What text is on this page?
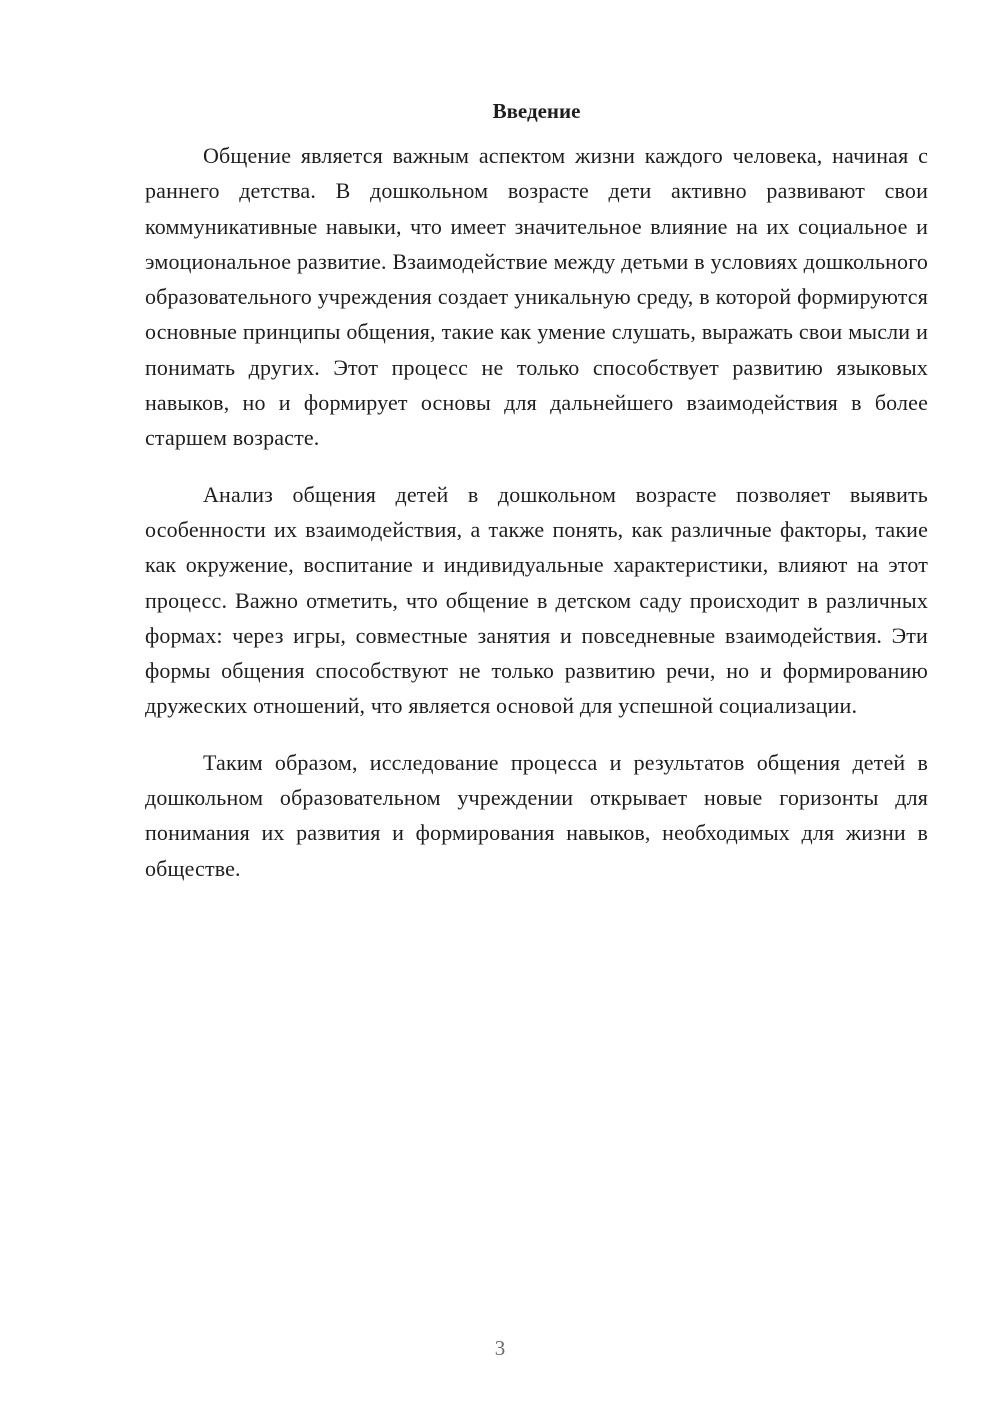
Введение

Общение является важным аспектом жизни каждого человека, начиная с раннего детства. В дошкольном возрасте дети активно развивают свои коммуникативные навыки, что имеет значительное влияние на их социальное и эмоциональное развитие. Взаимодействие между детьми в условиях дошкольного образовательного учреждения создает уникальную среду, в которой формируются основные принципы общения, такие как умение слушать, выражать свои мысли и понимать других. Этот процесс не только способствует развитию языковых навыков, но и формирует основы для дальнейшего взаимодействия в более старшем возрасте.

Анализ общения детей в дошкольном возрасте позволяет выявить особенности их взаимодействия, а также понять, как различные факторы, такие как окружение, воспитание и индивидуальные характеристики, влияют на этот процесс. Важно отметить, что общение в детском саду происходит в различных формах: через игры, совместные занятия и повседневные взаимодействия. Эти формы общения способствуют не только развитию речи, но и формированию дружеских отношений, что является основой для успешной социализации.

Таким образом, исследование процесса и результатов общения детей в дошкольном образовательном учреждении открывает новые горизонты для понимания их развития и формирования навыков, необходимых для жизни в обществе.

3
